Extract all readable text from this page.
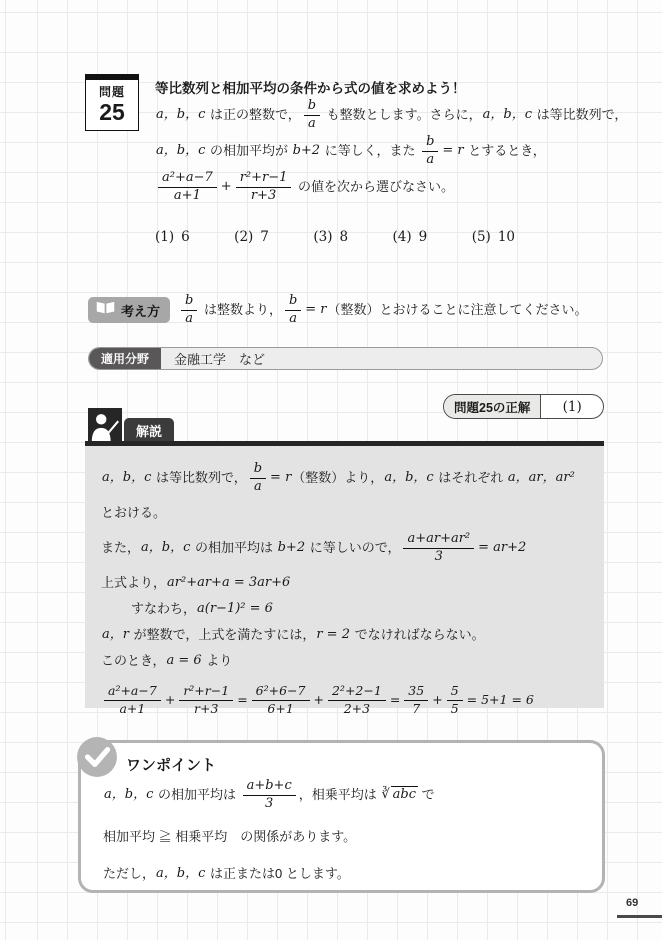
問題
25
等比数列と相加平均の条件から式の値を求めよう！
a，b，c は正の整数で， $\frac{b}{a}$ も整数とします。さらに， a，b，c は等比数列で，
a，b，c の相加平均が b+2 に等しく，また $\frac{b}{a} = r$ とするとき，
$\frac{\text{a²+a−7}}{a+1} + \frac{\text{r²+r−1}}{r+3}$ の値を次から選びなさい。
(1) 6	(2) 7	(3) 8	(4) 9	(5) 10
考え方 $\frac{b}{a}$ は整数より， $\frac{b}{a} = r$ （整数）とおけることに注意してください。
適用分野	金融工学　など
問題25の正解	(1)
解説
a，b，c は等比数列で， $\frac{b}{a} = r$ （整数）より， a，b，c はそれぞれ a，ar，ar²
とおける。
また， a，b，c の相加平均は b+2 に等しいので， $\frac{\text{a+ar+ar²}}{3} = ar+2$
上式より， ar²+ar+a = 3ar+6
すなわち， a(r−1)² = 6
a，r が整数で，上式を満たすには， r = 2 でなければならない。
このとき， a = 6 より
$\frac{\text{a²+a−7}}{a+1} + \frac{\text{r²+r−1}}{r+3} = \frac{\text{6²+6−7}}{6+1} + \frac{\text{2²+2−1}}{2+3} = \frac{35}{7} + \frac{5}{5} = 5+1 = 6$
ワンポイント
a，b，c の相加平均は $\frac{a+b+c}{3}$ ，相乗平均は ∛ abc で
相加平均 ≧ 相乗平均　の関係があります。
ただし， a，b，c は正または0 とします。
69
